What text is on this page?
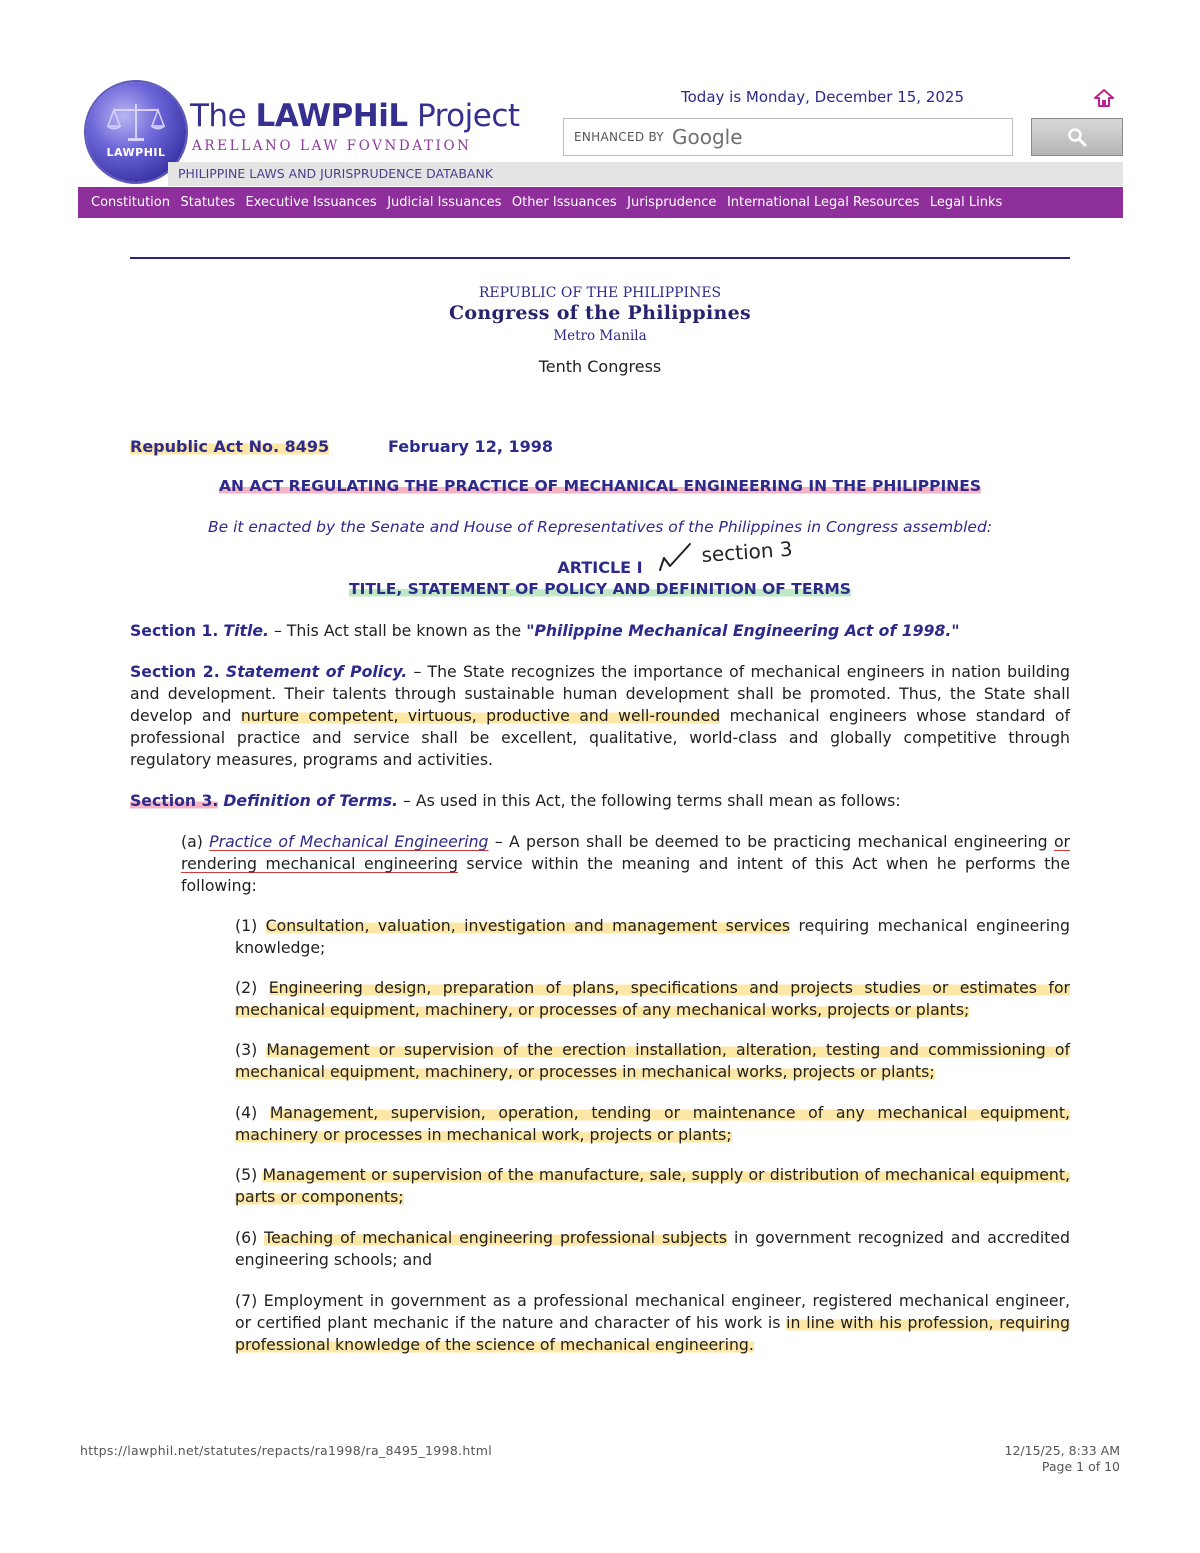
LAWPHIL
The LAWPHiL Project
ARELLANO LAW FOVNDATION
PHILIPPINE LAWS AND JURISPRUDENCE DATABANK
Today is Monday, December 15, 2025
ENHANCED BY Google
Constitution Statutes Executive Issuances Judicial Issuances Other Issuances Jurisprudence International Legal Resources Legal Links
REPUBLIC OF THE PHILIPPINES
Congress of the Philippines
Metro Manila
Tenth Congress
Republic Act No. 8495	February 12, 1998
AN ACT REGULATING THE PRACTICE OF MECHANICAL ENGINEERING IN THE PHILIPPINES
Be it enacted by the Senate and House of Representatives of the Philippines in Congress assembled:
section 3
ARTICLE I
TITLE, STATEMENT OF POLICY AND DEFINITION OF TERMS
Section 1. Title. – This Act stall be known as the "Philippine Mechanical Engineering Act of 1998."
Section 2. Statement of Policy. – The State recognizes the importance of mechanical engineers in nation building and development. Their talents through sustainable human development shall be promoted. Thus, the State shall develop and nurture competent, virtuous, productive and well-rounded mechanical engineers whose standard of professional practice and service shall be excellent, qualitative, world-class and globally competitive through regulatory measures, programs and activities.
Section 3. Definition of Terms. – As used in this Act, the following terms shall mean as follows:
(a) Practice of Mechanical Engineering – A person shall be deemed to be practicing mechanical engineering or rendering mechanical engineering service within the meaning and intent of this Act when he performs the following:
(1) Consultation, valuation, investigation and management services requiring mechanical engineering knowledge;
(2) Engineering design, preparation of plans, specifications and projects studies or estimates for mechanical equipment, machinery, or processes of any mechanical works, projects or plants;
(3) Management or supervision of the erection installation, alteration, testing and commissioning of mechanical equipment, machinery, or processes in mechanical works, projects or plants;
(4) Management, supervision, operation, tending or maintenance of any mechanical equipment, machinery or processes in mechanical work, projects or plants;
(5) Management or supervision of the manufacture, sale, supply or distribution of mechanical equipment, parts or components;
(6) Teaching of mechanical engineering professional subjects in government recognized and accredited engineering schools; and
(7) Employment in government as a professional mechanical engineer, registered mechanical engineer, or certified plant mechanic if the nature and character of his work is in line with his profession, requiring professional knowledge of the science of mechanical engineering.
https://lawphil.net/statutes/repacts/ra1998/ra_8495_1998.html	12/15/25, 8:33 AM
Page 1 of 10
